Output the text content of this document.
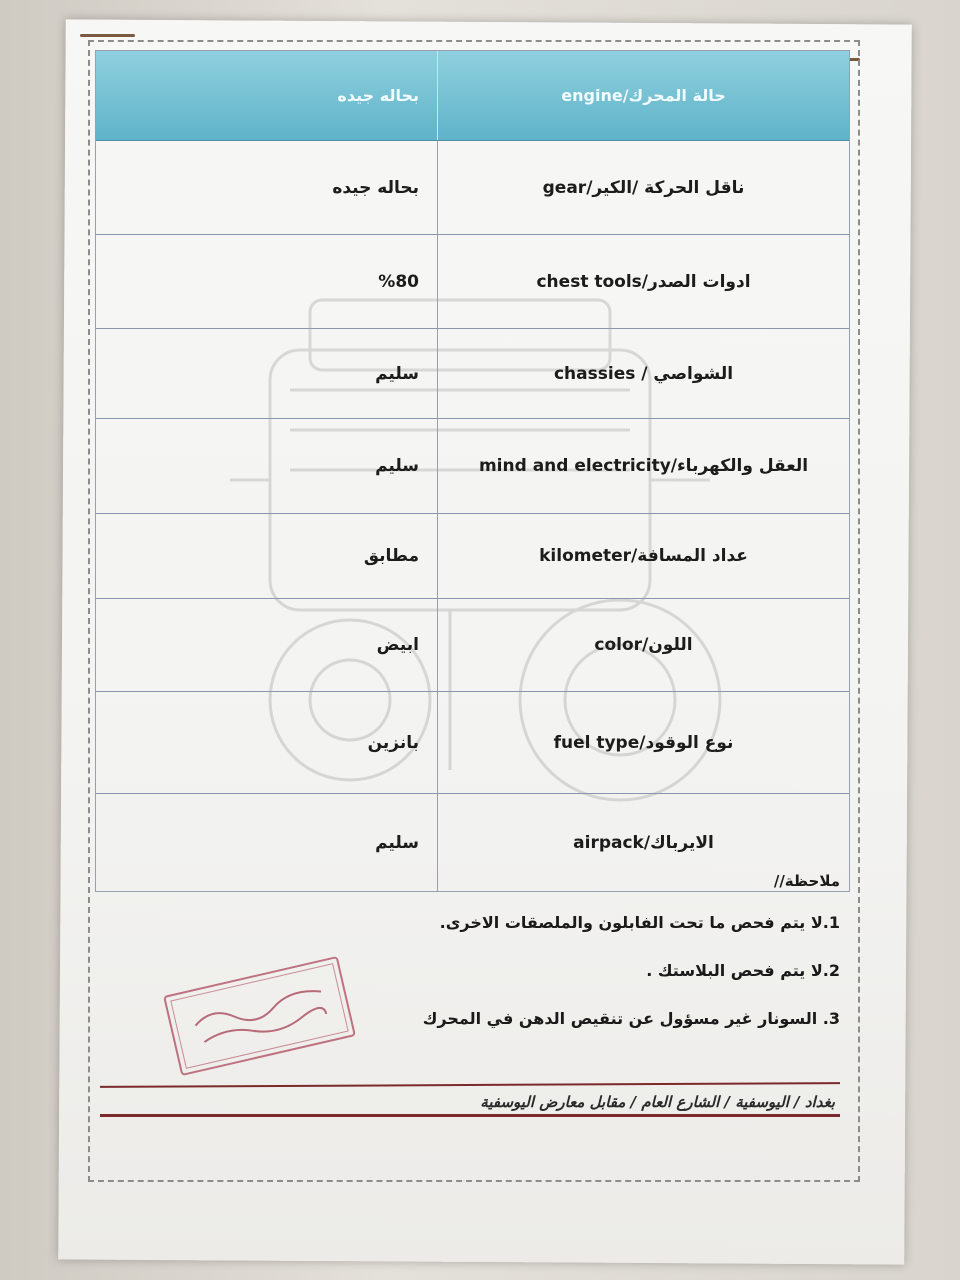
حالة المحرك/engine
بحاله جيده
ناقل الحركة /الكير/gear
بحاله جيده
ادوات الصدر/chest tools
%80
الشواصي / chassies
سليم
العقل والكهرباء/mind and electricity
سليم
عداد المسافة/kilometer
مطابق
اللون/color
ابيض
نوع الوقود/fuel type
بانزين
الايرباك/airpack
سليم

ملاحظة//

1.لا يتم فحص ما تحت الفابلون والملصقات الاخرى.

2.لا يتم فحص البلاستك .

3. السونار غير مسؤول عن تنقيص الدهن في المحرك

بغداد / اليوسفية / الشارع العام / مقابل معارض اليوسفية
